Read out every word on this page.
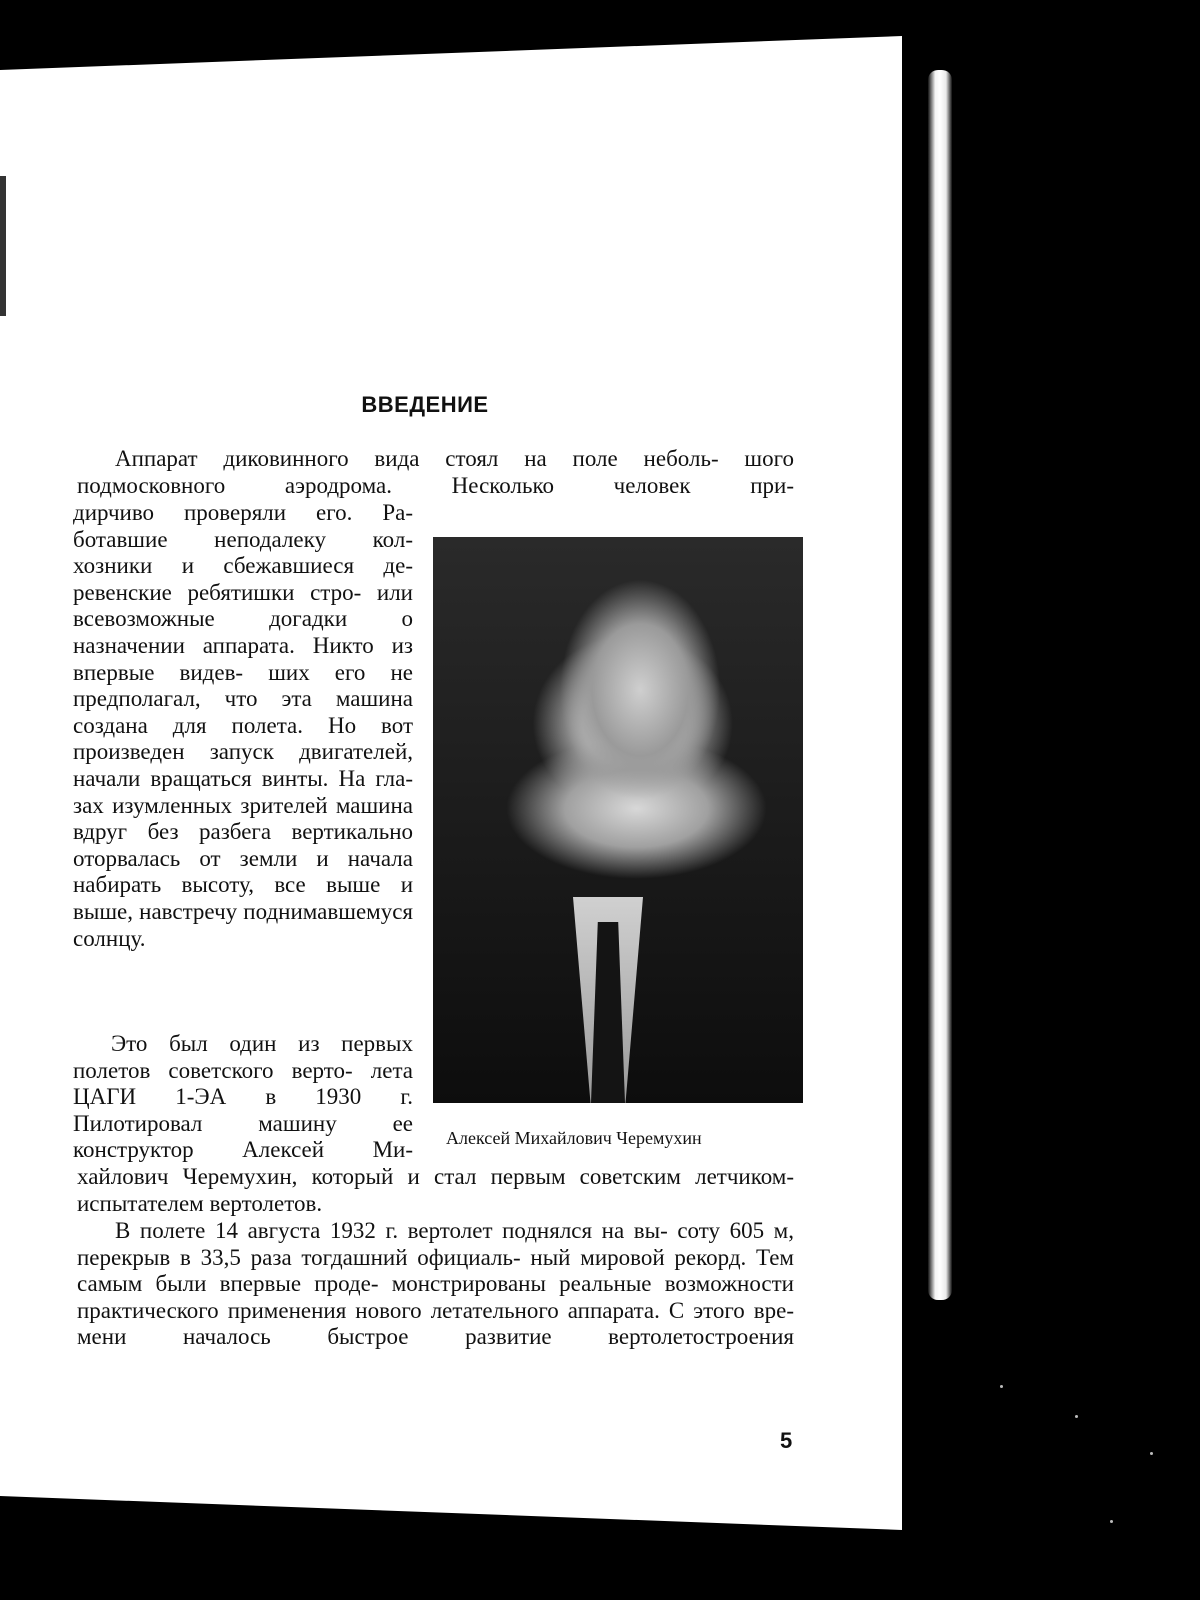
ВВЕДЕНИЕ

Аппарат диковинного вида стоял на поле неболь- шого подмосковного аэродрома. Несколько человек при-

дирчиво проверяли его. Ра- ботавшие неподалеку кол- хозники и сбежавшиеся де- ревенские ребятишки стро- или всевозможные догадки о назначении аппарата. Никто из впервые видев- ших его не предполагал, что эта машина создана для полета. Но вот произведен запуск двигателей, начали вращаться винты. На гла- зах изумленных зрителей машина вдруг без разбега вертикально оторвалась от земли и начала набирать высоту, все выше и выше, навстречу поднимавшемуся солнцу.

Это был один из первых полетов советского верто- лета ЦАГИ 1-ЭА в 1930 г. Пилотировал машину ее конструктор Алексей Ми-

хайлович Черемухин, который и стал первым советским летчиком-испытателем вертолетов.

В полете 14 августа 1932 г. вертолет поднялся на вы- соту 605 м, перекрыв в 33,5 раза тогдашний официаль- ный мировой рекорд. Тем самым были впервые проде- монстрированы реальные возможности практического применения нового летательного аппарата. С этого вре- мени началось быстрое развитие вертолетостроения

Алексей Михайлович Черемухин

5
